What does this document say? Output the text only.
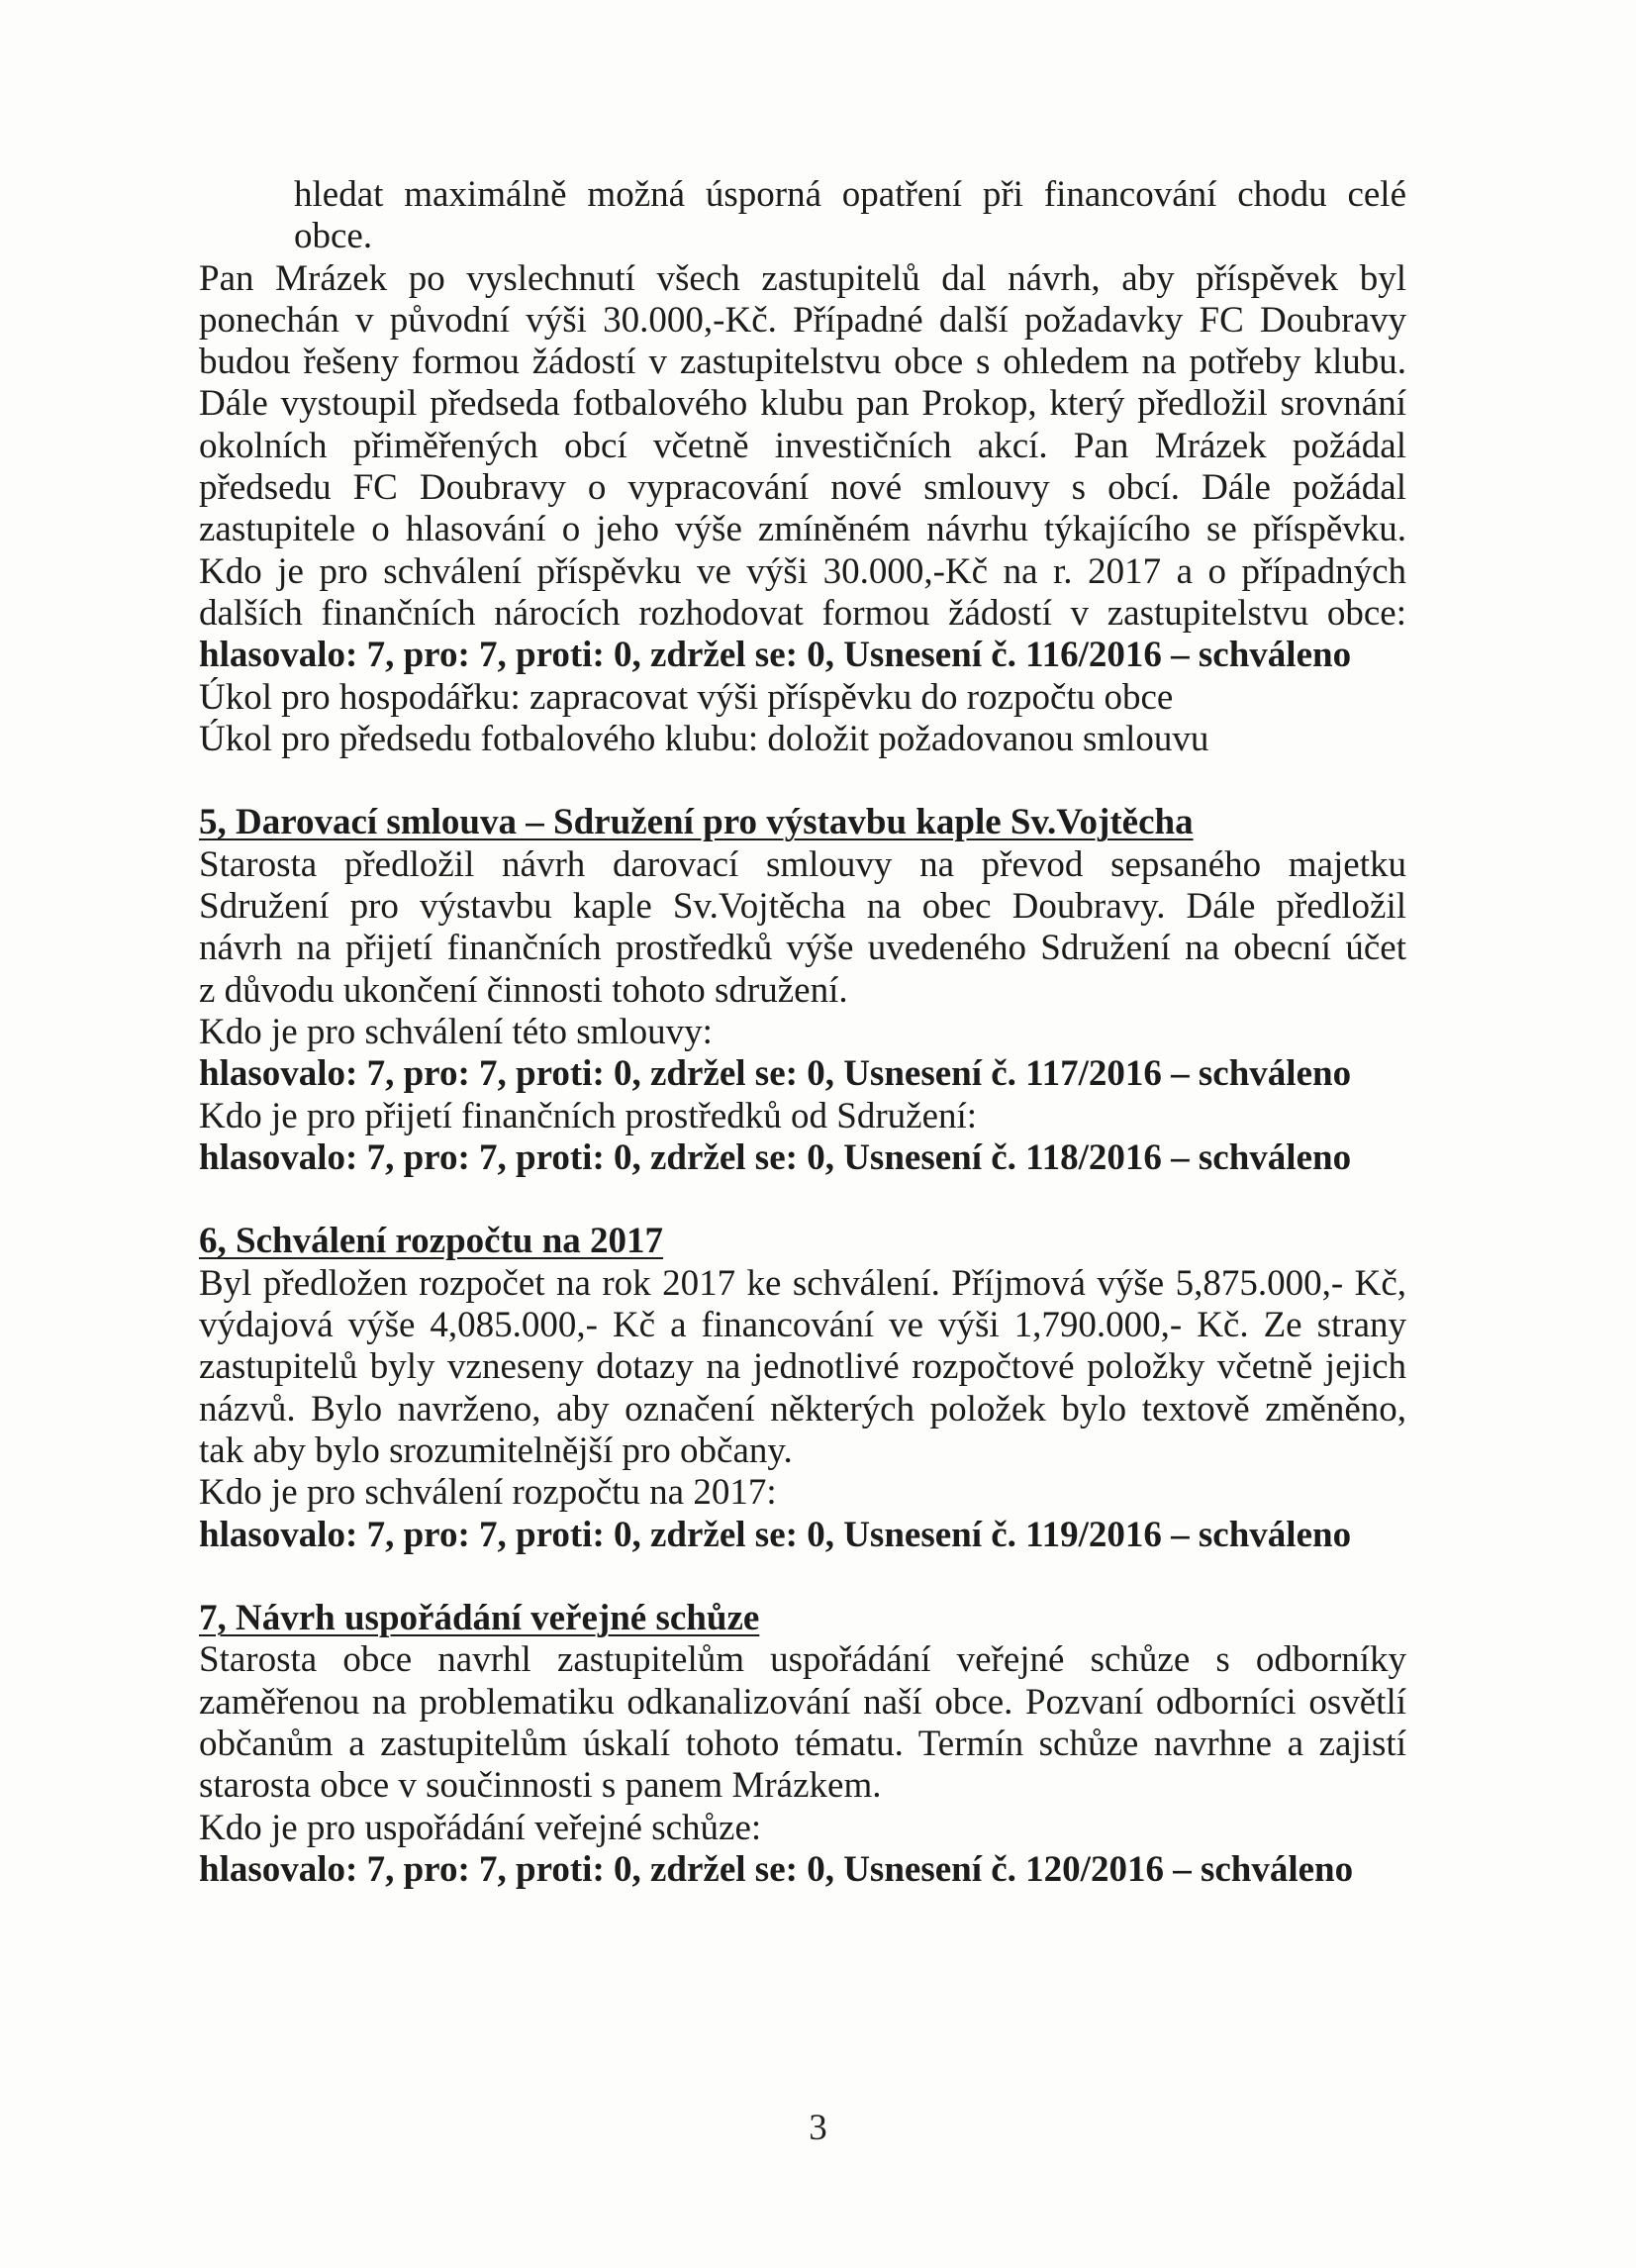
hledat maximálně možná úsporná opatření při financování chodu celé
obce.
Pan Mrázek po vyslechnutí všech zastupitelů dal návrh, aby příspěvek byl
ponechán v původní výši 30.000,-Kč. Případné další požadavky FC Doubravy
budou řešeny formou žádostí v zastupitelstvu obce s ohledem na potřeby klubu.
Dále vystoupil předseda fotbalového klubu pan Prokop, který předložil srovnání
okolních přiměřených obcí včetně investičních akcí. Pan Mrázek požádal
předsedu FC Doubravy o vypracování nové smlouvy s obcí. Dále požádal
zastupitele o hlasování o jeho výše zmíněném návrhu týkajícího se příspěvku.
Kdo je pro schválení příspěvku ve výši 30.000,-Kč na r. 2017 a o případných
dalších finančních nárocích rozhodovat formou žádostí v zastupitelstvu obce:
hlasovalo: 7, pro: 7, proti: 0, zdržel se: 0, Usnesení č. 116/2016 – schváleno
Úkol pro hospodářku: zapracovat výši příspěvku do rozpočtu obce
Úkol pro předsedu fotbalového klubu: doložit požadovanou smlouvu
5, Darovací smlouva – Sdružení pro výstavbu kaple Sv.Vojtěcha
Starosta předložil návrh darovací smlouvy na převod sepsaného majetku
Sdružení pro výstavbu kaple Sv.Vojtěcha na obec Doubravy. Dále předložil
návrh na přijetí finančních prostředků výše uvedeného Sdružení na obecní účet
z důvodu ukončení činnosti tohoto sdružení.
Kdo je pro schválení této smlouvy:
hlasovalo: 7, pro: 7, proti: 0, zdržel se: 0, Usnesení č. 117/2016 – schváleno
Kdo je pro přijetí finančních prostředků od Sdružení:
hlasovalo: 7, pro: 7, proti: 0, zdržel se: 0, Usnesení č. 118/2016 – schváleno
6, Schválení rozpočtu na 2017
Byl předložen rozpočet na rok 2017 ke schválení. Příjmová výše 5,875.000,- Kč,
výdajová výše 4,085.000,- Kč a financování ve výši 1,790.000,- Kč. Ze strany
zastupitelů byly vzneseny dotazy na jednotlivé rozpočtové položky včetně jejich
názvů. Bylo navrženo, aby označení některých položek bylo textově změněno,
tak aby bylo srozumitelnější pro občany.
Kdo je pro schválení rozpočtu na 2017:
hlasovalo: 7, pro: 7, proti: 0, zdržel se: 0, Usnesení č. 119/2016 – schváleno
7, Návrh uspořádání veřejné schůze
Starosta obce navrhl zastupitelům uspořádání veřejné schůze s odborníky
zaměřenou na problematiku odkanalizování naší obce. Pozvaní odborníci osvětlí
občanům a zastupitelům úskalí tohoto tématu. Termín schůze navrhne a zajistí
starosta obce v součinnosti s panem Mrázkem.
Kdo je pro uspořádání veřejné schůze:
hlasovalo: 7, pro: 7, proti: 0, zdržel se: 0, Usnesení č. 120/2016 – schváleno
3
